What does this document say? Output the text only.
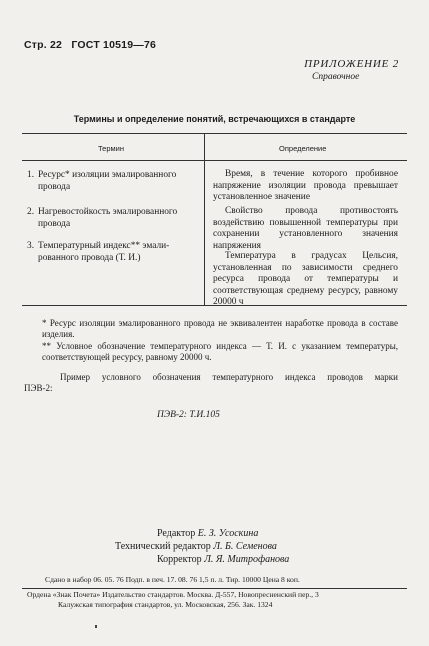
Стр. 22 ГОСТ 10519—76
ПРИЛОЖЕНИЕ 2
Справочное
Термины и определение понятий, встречающихся в стандарте
Термин	Определение
1. Ресурс* изоляции эмалированного
провода
Время, в течение которого пробивное напряжение изоляции провода превышает установленное значение
2. Нагревостойкость эмалированного
провода
Свойство провода противостоять воздействию повышенной температуры при сохранении установленного значения напряжения
3. Температурный индекс** эмали-
рованного провода (Т. И.)	Температура в градусах Цельсия, установленная по зависимости среднего ресурса провода от температуры и соответствующая среднему ресурсу, равному 20000 ч
* Ресурс изоляции эмалированного провода не эквивалентен наработке провода в составе изделия.
** Условное обозначение температурного индекса — Т. И. с указанием температуры, соответствующей ресурсу, равному 20000 ч.
Пример условного обозначения температурного индекса проводов марки ПЭВ-2:
ПЭВ-2: Т.И.105
Редактор Е. З. Усоскина
Технический редактор Л. Б. Семенова
Корректор Л. Я. Митрофанова
Сдано в набор 06. 05. 76 Подп. в печ. 17. 08. 76 1,5 п. л. Тир. 10000 Цена 8 коп.
Ордена «Знак Почета» Издательство стандартов. Москва. Д-557, Новопресненский пер., 3
Калужская типография стандартов, ул. Московская, 256. Зак. 1324
